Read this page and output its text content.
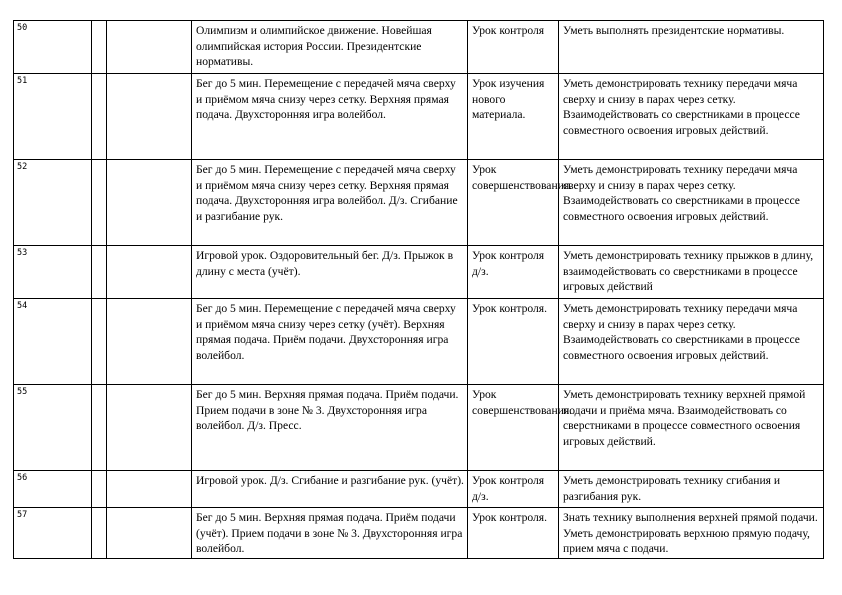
50			Олимпизм и олимпийское движение. Новейшая олимпийская история России. Президентские нормативы.	Урок контроля	Уметь выполнять президентские нормативы.
51			Бег до 5 мин. Перемещение с передачей мяча сверху и приёмом мяча снизу через сетку. Верхняя прямая подача. Двухсторонняя игра волейбол.	Урок изучения нового материала.	Уметь демонстрировать технику передачи мяча сверху и снизу в парах через сетку. Взаимодействовать со сверстниками в процессе совместного освоения игровых действий.
52			Бег до 5 мин. Перемещение с передачей мяча сверху и приёмом мяча снизу через сетку. Верхняя прямая подача. Двухсторонняя игра волейбол. Д/з. Сгибание и разгибание рук.	Урок совершенствования.	Уметь демонстрировать технику передачи мяча сверху и снизу в парах через сетку. Взаимодействовать со сверстниками в процессе совместного освоения игровых действий.
53			Игровой урок. Оздоровительный бег. Д/з. Прыжок в длину с места (учёт).	Урок контроля д/з.	Уметь демонстрировать технику прыжков в длину, взаимодействовать со сверстниками в процессе игровых действий
54			Бег до 5 мин. Перемещение с передачей мяча сверху и приёмом мяча снизу через сетку (учёт). Верхняя прямая подача. Приём подачи. Двухсторонняя игра волейбол.	Урок контроля.	Уметь демонстрировать технику передачи мяча сверху и снизу в парах через сетку. Взаимодействовать со сверстниками в процессе совместного освоения игровых действий.
55			Бег до 5 мин. Верхняя прямая подача. Приём подачи. Прием подачи в зоне № 3. Двухсторонняя игра волейбол. Д/з. Пресс.	Урок совершенствования.	Уметь демонстрировать технику верхней прямой подачи и приёма мяча. Взаимодействовать со сверстниками в процессе совместного освоения игровых действий.
56			Игровой урок. Д/з. Сгибание и разгибание рук. (учёт).	Урок контроля д/з.	Уметь демонстрировать технику сгибания и разгибания рук.
57			Бег до 5 мин. Верхняя прямая подача. Приём подачи (учёт). Прием подачи в зоне № 3. Двухсторонняя игра волейбол.	Урок контроля.	Знать технику выполнения верхней прямой подачи. Уметь демонстрировать верхнюю прямую подачу, прием мяча с подачи.
